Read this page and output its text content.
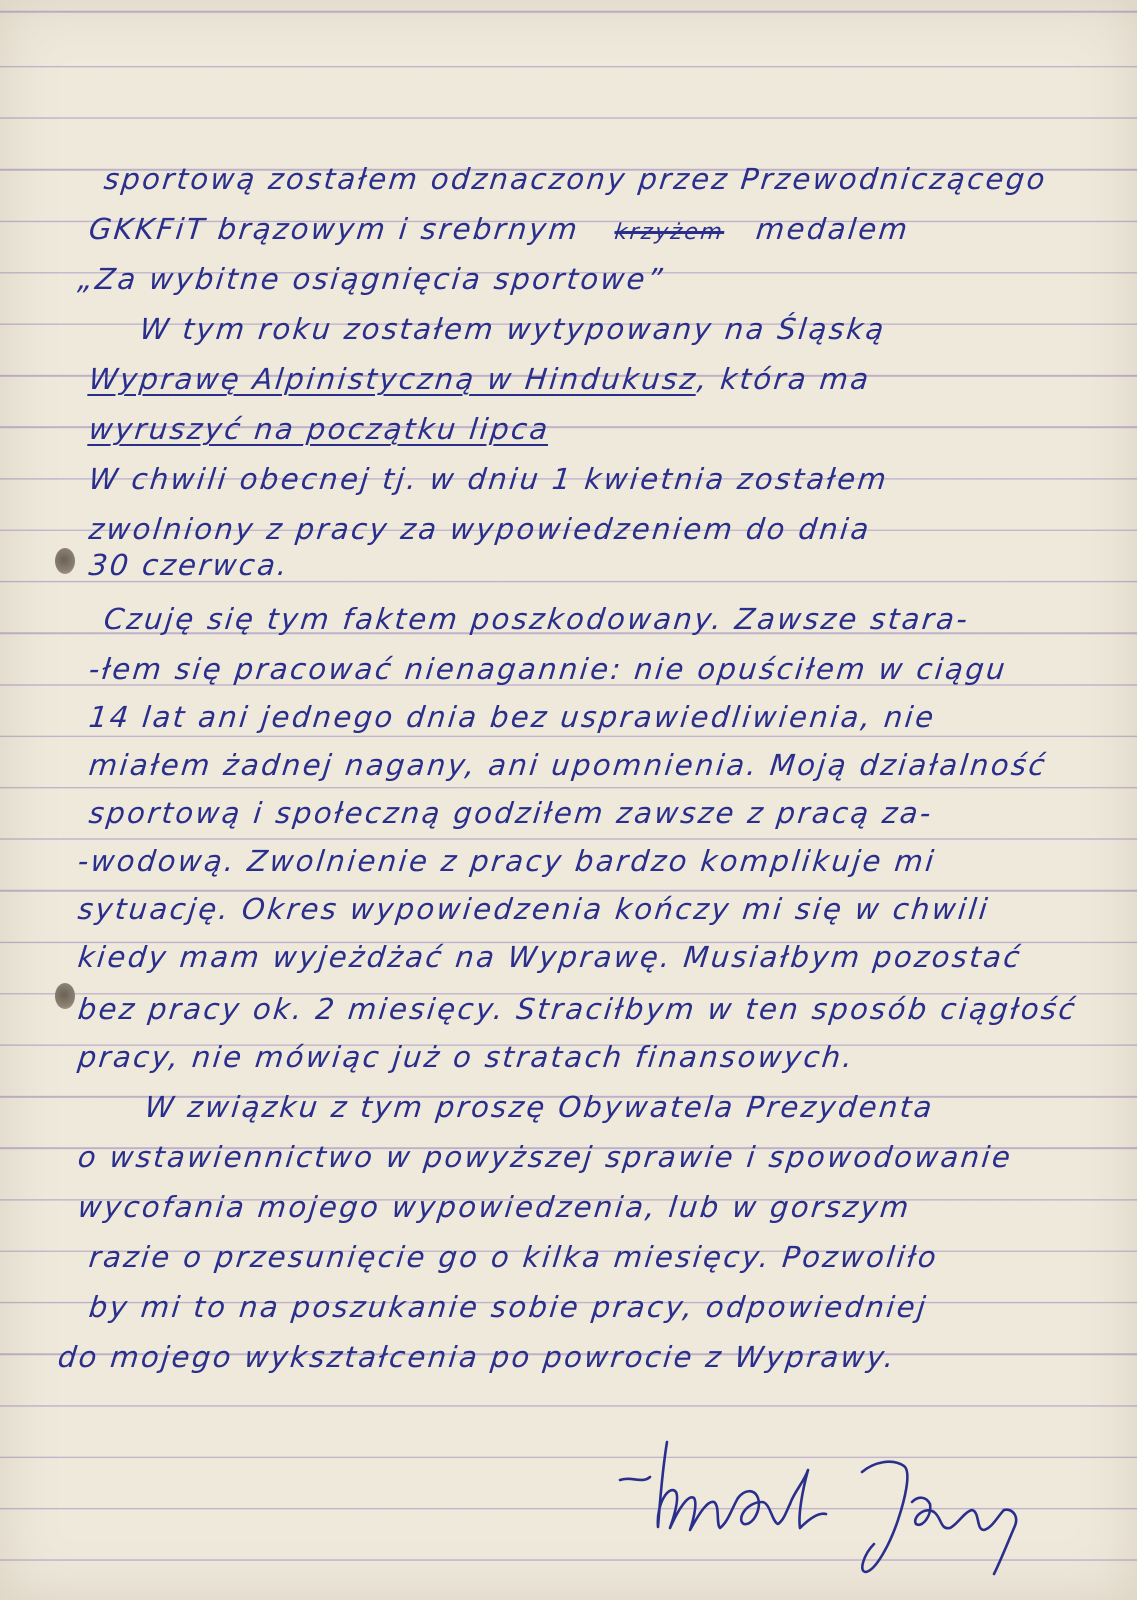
sportową zostałem odznaczony przez Przewodniczącego
GKKFiT brązowym i srebrnym krzyżem medalem
„Za wybitne osiągnięcia sportowe”
W tym roku zostałem wytypowany na Śląską
Wyprawę Alpinistyczną w Hindukusz, która ma
wyruszyć na początku lipca
W chwili obecnej tj. w dniu 1 kwietnia zostałem
zwolniony z pracy za wypowiedzeniem do dnia
30 czerwca.
Czuję się tym faktem poszkodowany. Zawsze stara-
-łem się pracować nienagannie: nie opuściłem w ciągu
14 lat ani jednego dnia bez usprawiedliwienia, nie
miałem żadnej nagany, ani upomnienia. Moją działalność
sportową i społeczną godziłem zawsze z pracą za-
-wodową. Zwolnienie z pracy bardzo komplikuje mi
sytuację. Okres wypowiedzenia kończy mi się w chwili
kiedy mam wyjeżdżać na Wyprawę. Musiałbym pozostać
bez pracy ok. 2 miesięcy. Straciłbym w ten sposób ciągłość
pracy, nie mówiąc już o stratach finansowych.
W związku z tym proszę Obywatela Prezydenta
o wstawiennictwo w powyższej sprawie i spowodowanie
wycofania mojego wypowiedzenia, lub w gorszym
razie o przesunięcie go o kilka miesięcy. Pozwoliło
by mi to na poszukanie sobie pracy, odpowiedniej
do mojego wykształcenia po powrocie z Wyprawy.
